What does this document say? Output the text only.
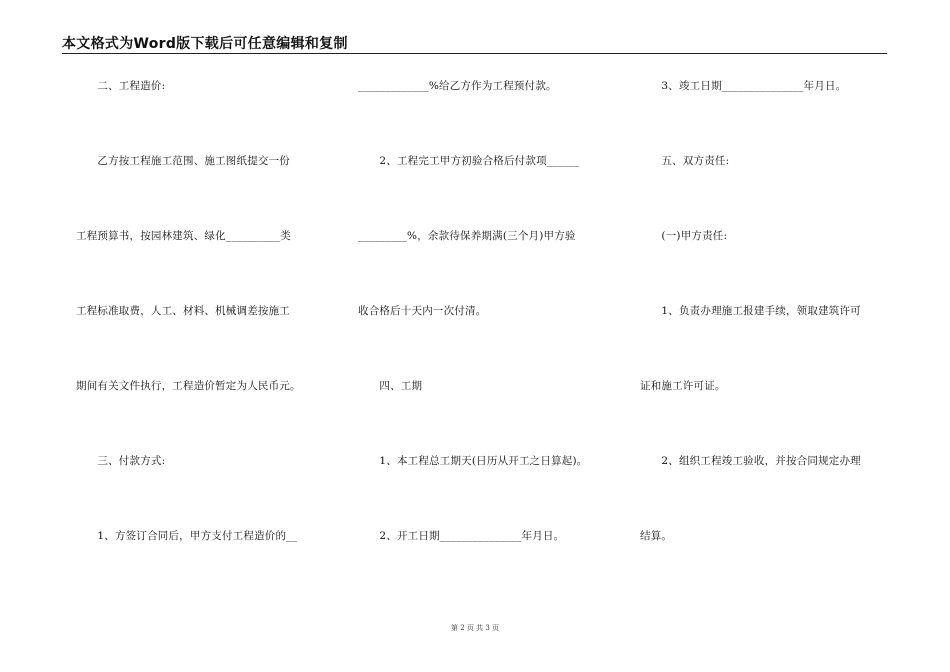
本文格式为Word版下载后可任意编辑和复制
　　二、工程造价:
　　乙方按工程施工范围、施工图纸提交一份
工程预算书，按园林建筑、绿化__________类
工程标准取费，人工、材料、机械调差按施工
期间有关文件执行，工程造价暂定为人民币元。
　　三、付款方式:
　　1、方签订合同后，甲方支付工程造价的__
_____________%给乙方作为工程预付款。
　　2、工程完工甲方初验合格后付款项______
_________%，余款待保养期满(三个月)甲方验
收合格后十天内一次付清。
　　四、工期
　　1、本工程总工期天(日历从开工之日算起)。
　　2、开工日期_______________年月日。
　　3、竣工日期_______________年月日。
　　五、双方责任:
　　(一)甲方责任:
　　1、负责办理施工报建手续，领取建筑许可
证和施工许可证。
　　2、组织工程竣工验收，并按合同规定办理
结算。
第 2 页 共 3 页
